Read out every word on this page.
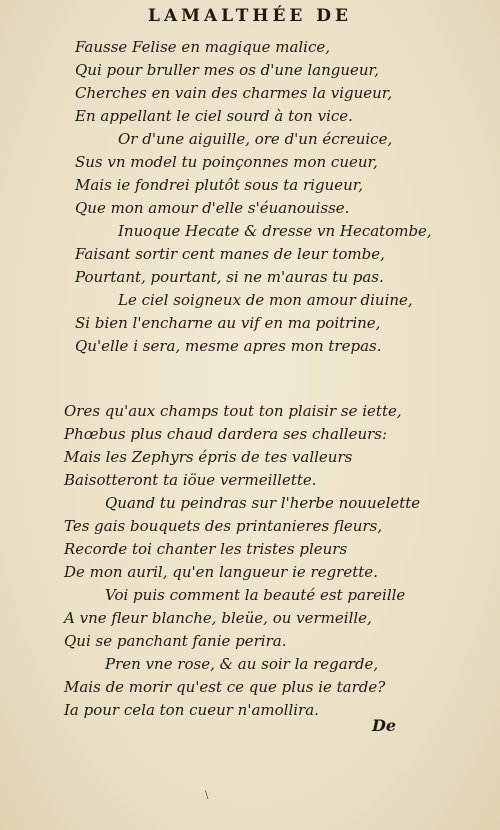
LAMALTHÉE DE
Fausse Felise en magique malice,
Qui pour bruller mes os d'une langueur,
Cherches en vain des charmes la vigueur,
En appellant le ciel sourd à ton vice.
Or d'une aiguille, ore d'un écreuice,
Sus vn model tu poinçonnes mon cueur,
Mais ie fondrei plutôt sous ta rigueur,
Que mon amour d'elle s'éuanouisse.
Inuoque Hecate & dresse vn Hecatombe,
Faisant sortir cent manes de leur tombe,
Pourtant, pourtant, si ne m'auras tu pas.
Le ciel soigneux de mon amour diuine,
Si bien l'encharne au vif en ma poitrine,
Qu'elle i sera, mesme apres mon trepas.
Ores qu'aux champs tout ton plaisir se iette,
Phœbus plus chaud dardera ses challeurs:
Mais les Zephyrs épris de tes valleurs
Baisotteront ta iöue vermeillette.
Quand tu peindras sur l'herbe nouuelette
Tes gais bouquets des printanieres fleurs,
Recorde toi chanter les tristes pleurs
De mon auril, qu'en langueur ie regrette.
Voi puis comment la beauté est pareille
A vne fleur blanche, bleüe, ou vermeille,
Qui se panchant fanie perira.
Pren vne rose, & au soir la regarde,
Mais de morir qu'est ce que plus ie tarde?
Ia pour cela ton cueur n'amollira.
De
\
